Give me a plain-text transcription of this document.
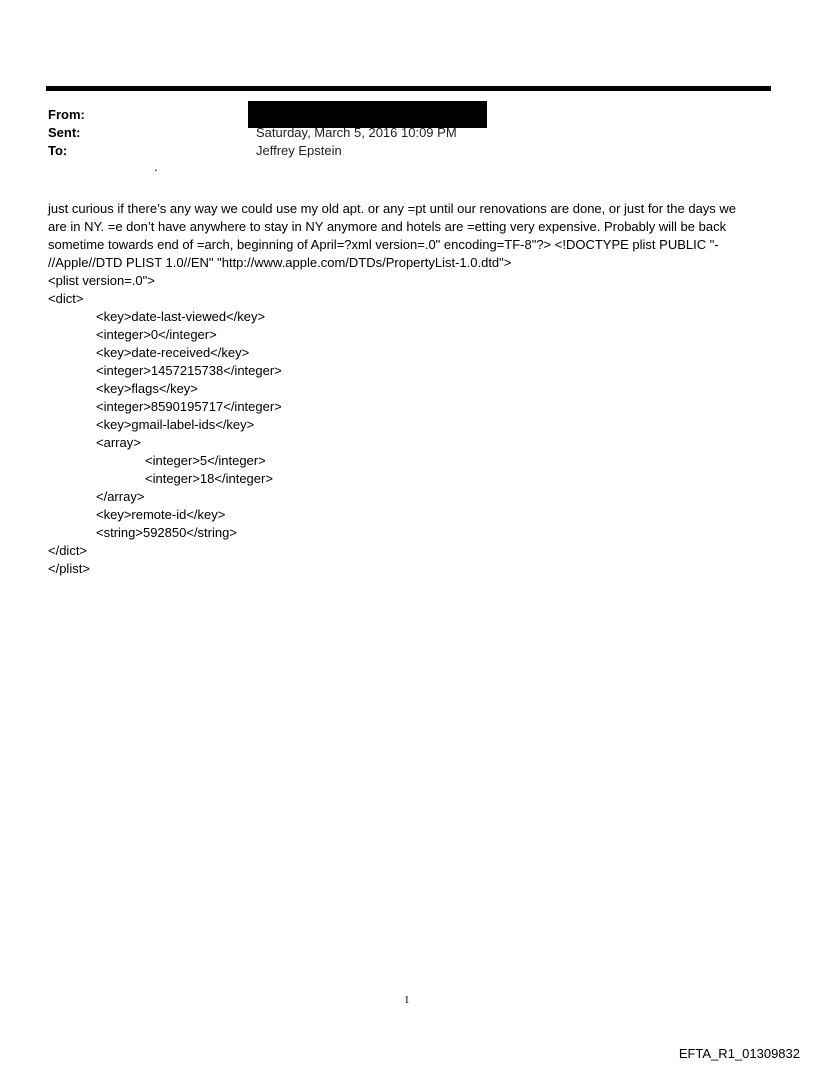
From:
Sent:
To:
Saturday, March 5, 2016 10:09 PM
Jeffrey Epstein
.
just curious if there’s any way we could use my old apt. or any =pt until our renovations are done, or just for the days we
are in NY. =e don’t have anywhere to stay in NY anymore and hotels are =etting very expensive. Probably will be back
sometime towards end of =arch, beginning of April=?xml version=.0" encoding=TF-8"?> <!DOCTYPE plist PUBLIC "-
//Apple//DTD PLIST 1.0//EN" "http://www.apple.com/DTDs/PropertyList-1.0.dtd">
<plist version=.0">
<dict>
<key>date-last-viewed</key>
<integer>0</integer>
<key>date-received</key>
<integer>1457215738</integer>
<key>flags</key>
<integer>8590195717</integer>
<key>gmail-label-ids</key>
<array>
<integer>5</integer>
<integer>18</integer>
</array>
<key>remote-id</key>
<string>592850</string>
</dict>
</plist>
1
EFTA_R1_01309832
